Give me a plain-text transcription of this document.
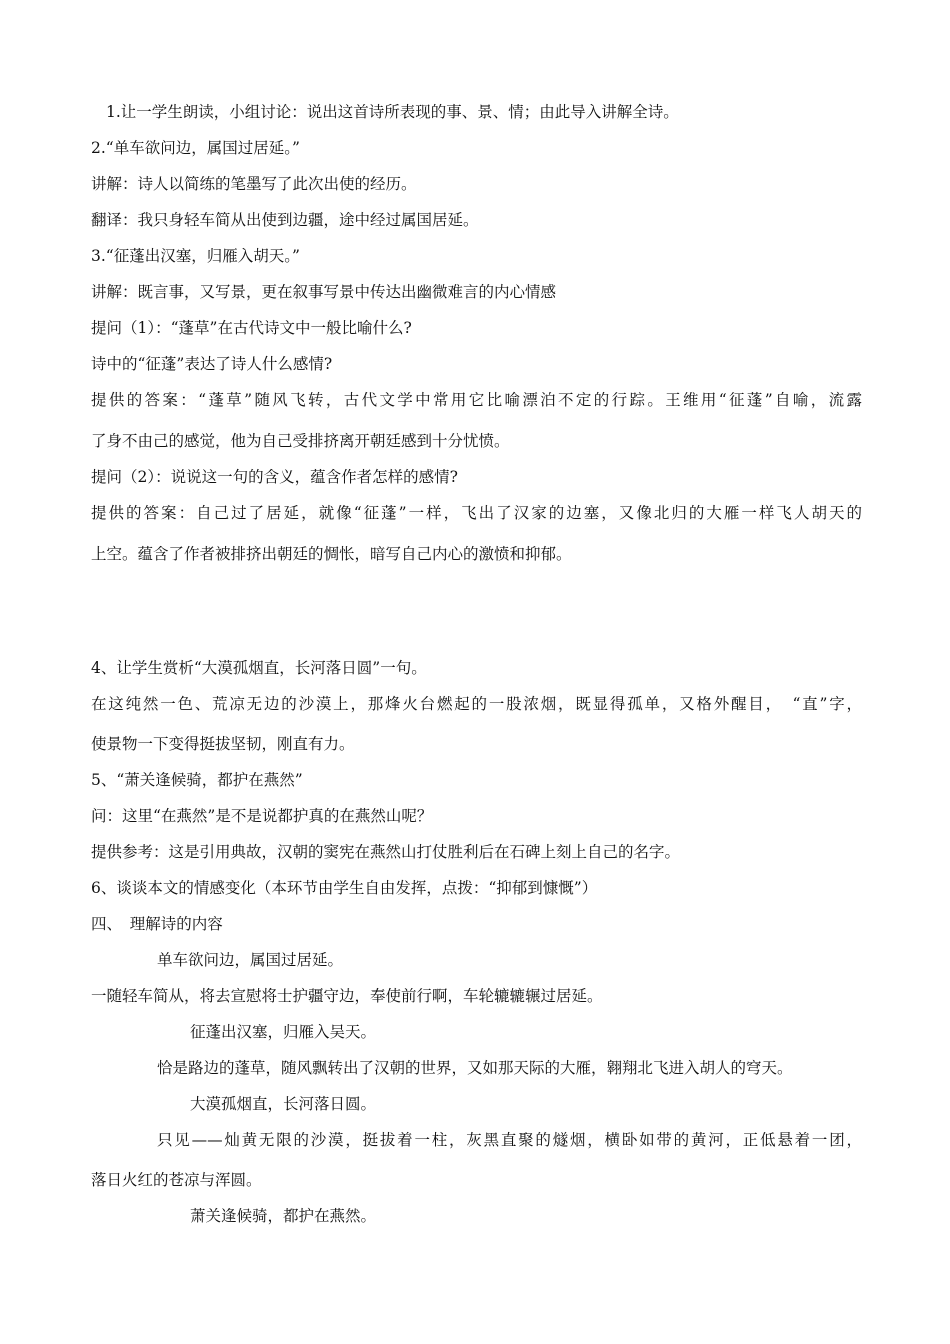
1.让一学生朗读，小组讨论：说出这首诗所表现的事、景、情；由此导入讲解全诗。
2.“单车欲问边，属国过居延。”
讲解：诗人以简练的笔墨写了此次出使的经历。
翻译：我只身轻车简从出使到边疆，途中经过属国居延。
3.“征蓬出汉塞，归雁入胡天。”
讲解：既言事，又写景，更在叙事写景中传达出幽微难言的内心情感
提问（1）：“蓬草”在古代诗文中一般比喻什么?
诗中的“征蓬”表达了诗人什么感情?
提供的答案：“蓬草”随风飞转，古代文学中常用它比喻漂泊不定的行踪。王维用“征蓬”自喻，流露
了身不由己的感觉，他为自己受排挤离开朝廷感到十分忧愤。
提问（2）：说说这一句的含义，蕴含作者怎样的感情?
提供的答案：自己过了居延，就像“征蓬”一样，飞出了汉家的边塞，又像北归的大雁一样飞人胡天的
上空。蕴含了作者被排挤出朝廷的惆怅，暗写自己内心的激愤和抑郁。
4、让学生赏析“大漠孤烟直，长河落日圆”一句。
在这纯然一色、荒凉无边的沙漠上，那烽火台燃起的一股浓烟，既显得孤单，又格外醒目，　“直”字，
使景物一下变得挺拔坚韧，刚直有力。
5、“萧关逢候骑，都护在燕然”
问：这里“在燕然”是不是说都护真的在燕然山呢？
提供参考：这是引用典故，汉朝的窦宪在燕然山打仗胜利后在石碑上刻上自己的名字。
6、谈谈本文的情感变化（本环节由学生自由发挥，点拨：“抑郁到慷慨”）
四、　理解诗的内容
单车欲问边，属国过居延。
一随轻车简从，将去宣慰将士护疆守边，奉使前行啊，车轮辘辘辗过居延。
征蓬出汉塞，归雁入吴天。
恰是路边的蓬草，随风飘转出了汉朝的世界，又如那天际的大雁，翱翔北飞进入胡人的穹天。
大漠孤烟直，长河落日圆。
只见——灿黄无限的沙漠，挺拔着一柱，灰黑直聚的燧烟，横卧如带的黄河，正低悬着一团，
落日火红的苍凉与浑圆。
萧关逢候骑，都护在燕然。
